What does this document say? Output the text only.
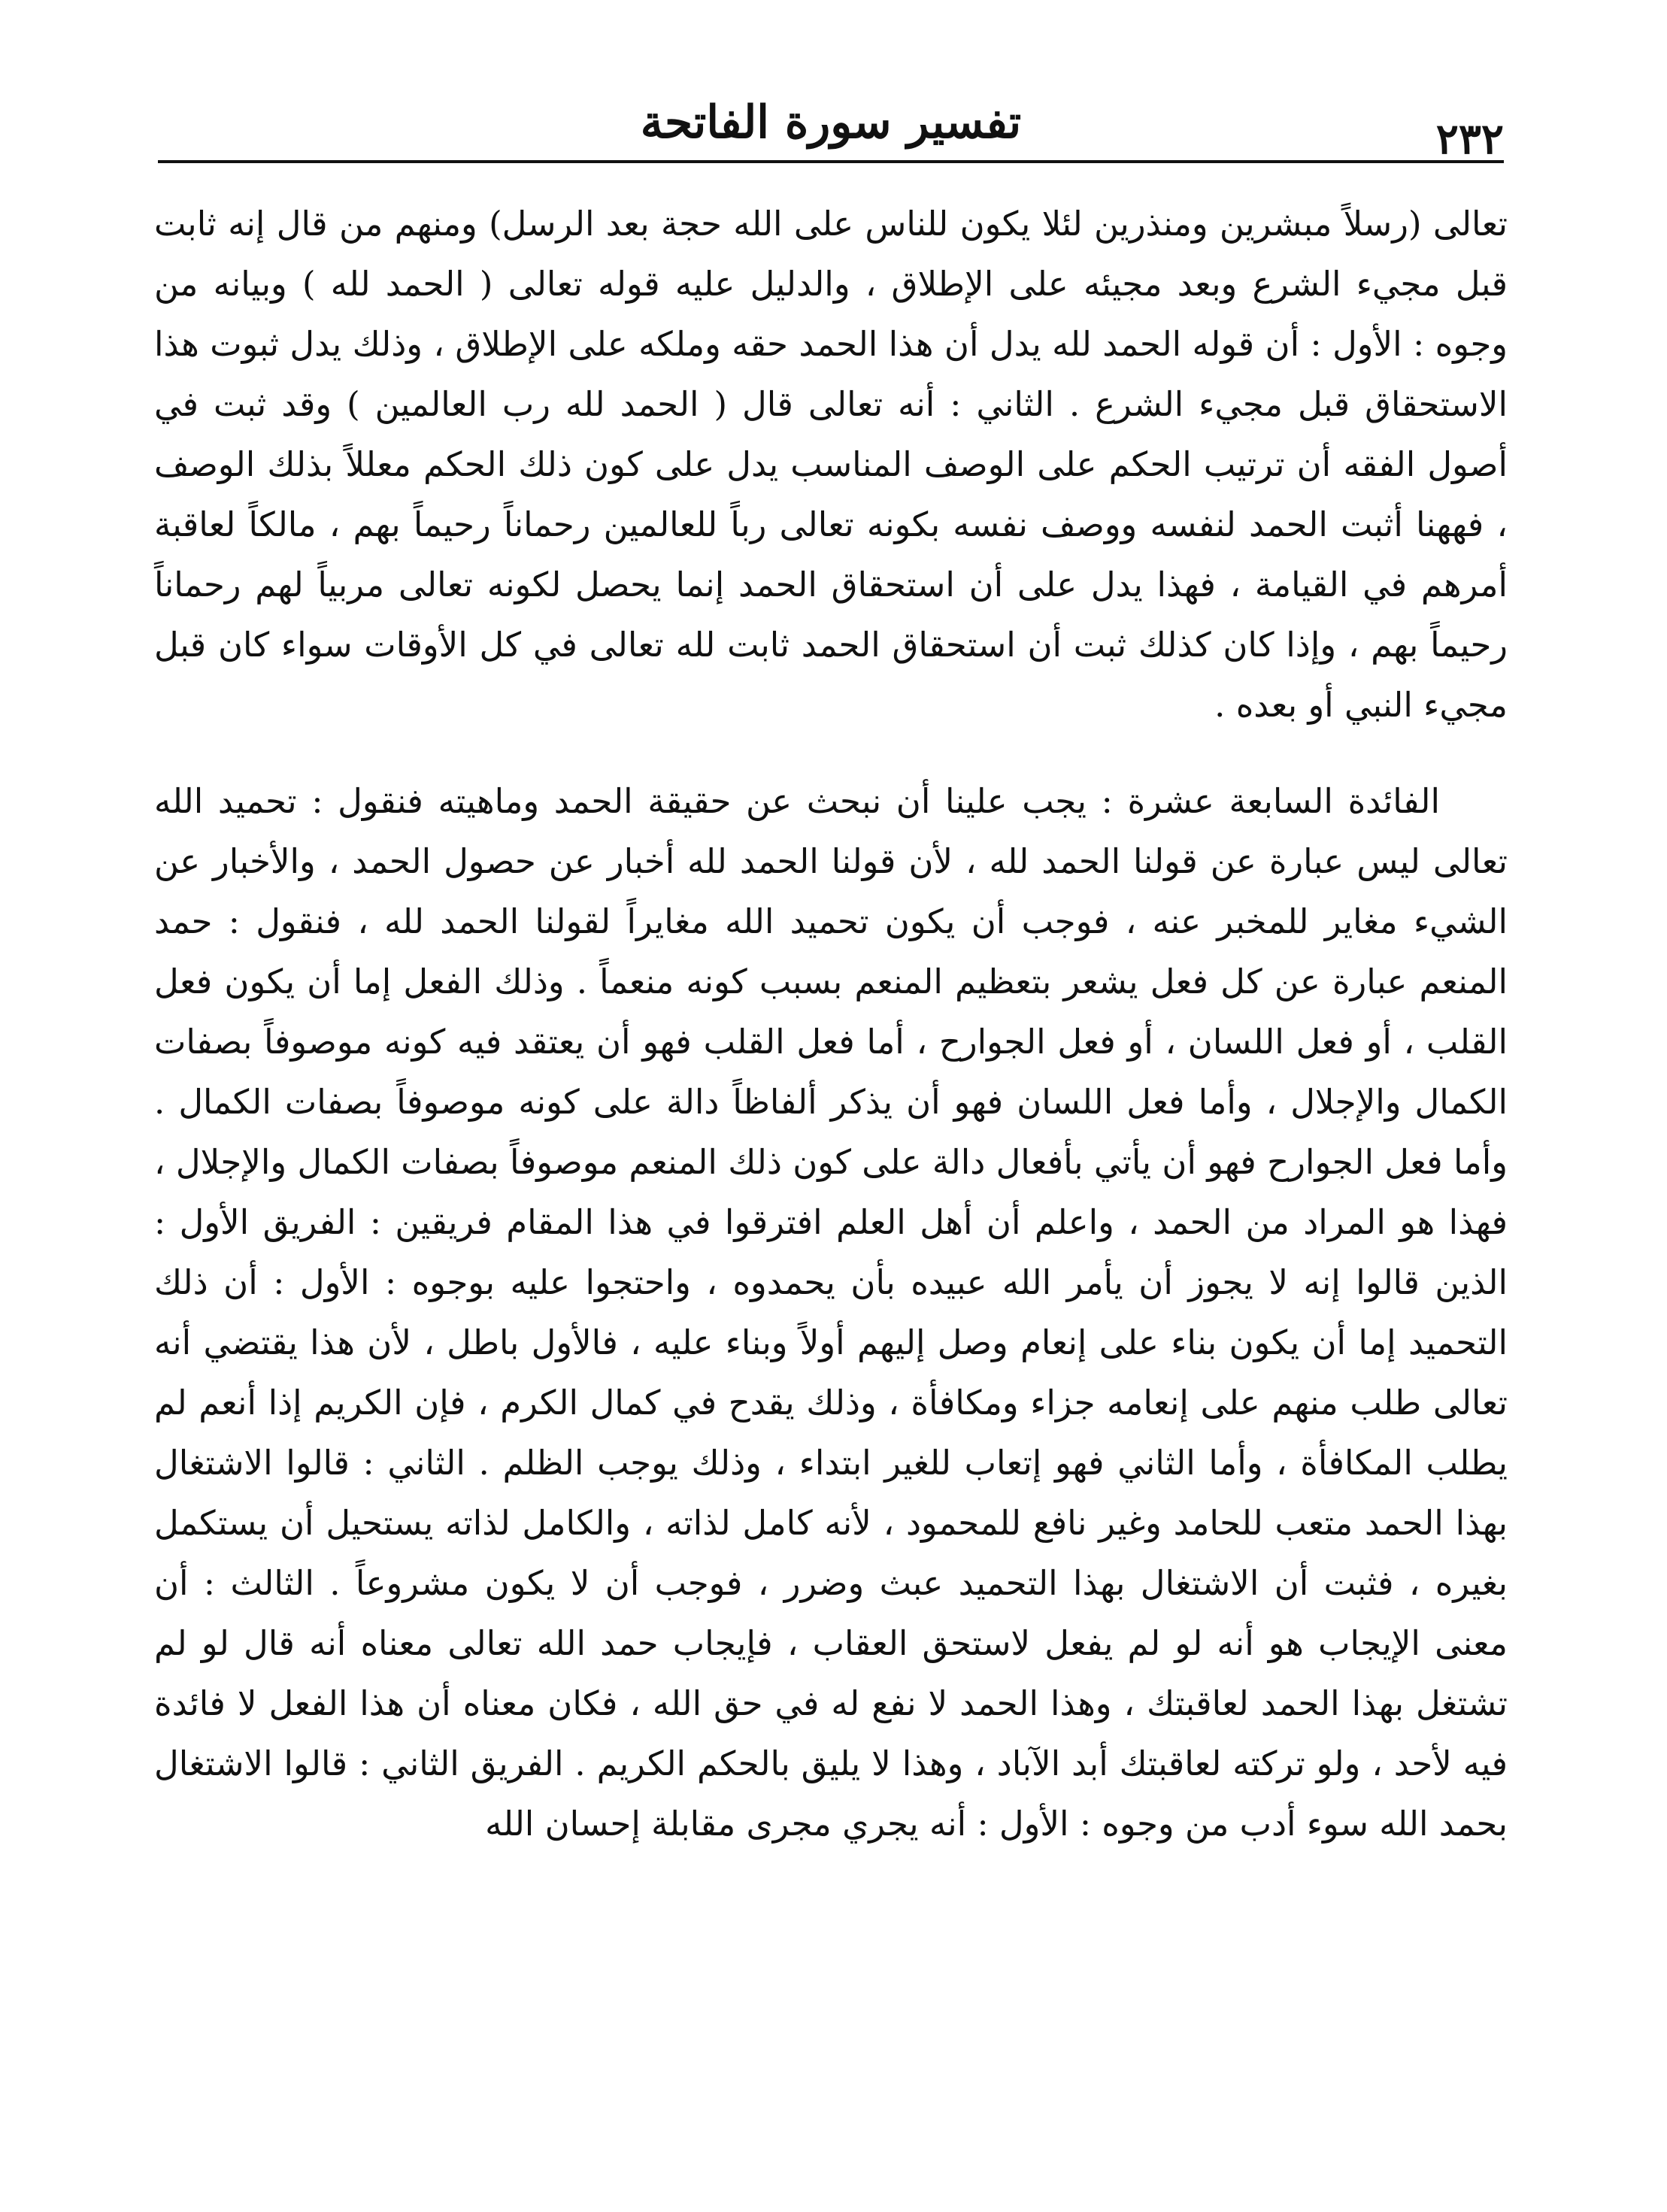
٢٣٢
تفسير سورة الفاتحة

تعالى (رسلاً مبشرين ومنذرين لئلا يكون للناس على الله حجة بعد الرسل) ومنهم من قال إنه ثابت قبل مجيء الشرع وبعد مجيئه على الإطلاق ، والدليل عليه قوله تعالى ( الحمد لله ) وبيانه من وجوه : الأول : أن قوله الحمد لله يدل أن هذا الحمد حقه وملكه على الإطلاق ، وذلك يدل ثبوت هذا الاستحقاق قبل مجيء الشرع . الثاني : أنه تعالى قال ( الحمد لله رب العالمين ) وقد ثبت في أصول الفقه أن ترتيب الحكم على الوصف المناسب يدل على كون ذلك الحكم معللاً بذلك الوصف ، فههنا أثبت الحمد لنفسه ووصف نفسه بكونه تعالى رباً للعالمين رحماناً رحيماً بهم ، مالكاً لعاقبة أمرهم في القيامة ، فهذا يدل على أن استحقاق الحمد إنما يحصل لكونه تعالى مربياً لهم رحماناً رحيماً بهم ، وإذا كان كذلك ثبت أن استحقاق الحمد ثابت لله تعالى في كل الأوقات سواء كان قبل مجيء النبي أو بعده .

الفائدة السابعة عشرة : يجب علينا أن نبحث عن حقيقة الحمد وماهيته فنقول : تحميد الله تعالى ليس عبارة عن قولنا الحمد لله ، لأن قولنا الحمد لله أخبار عن حصول الحمد ، والأخبار عن الشيء مغاير للمخبر عنه ، فوجب أن يكون تحميد الله مغايراً لقولنا الحمد لله ، فنقول : حمد المنعم عبارة عن كل فعل يشعر بتعظيم المنعم بسبب كونه منعماً . وذلك الفعل إما أن يكون فعل القلب ، أو فعل اللسان ، أو فعل الجوارح ، أما فعل القلب فهو أن يعتقد فيه كونه موصوفاً بصفات الكمال والإجلال ، وأما فعل اللسان فهو أن يذكر ألفاظاً دالة على كونه موصوفاً بصفات الكمال . وأما فعل الجوارح فهو أن يأتي بأفعال دالة على كون ذلك المنعم موصوفاً بصفات الكمال والإجلال ، فهذا هو المراد من الحمد ، واعلم أن أهل العلم افترقوا في هذا المقام فريقين : الفريق الأول : الذين قالوا إنه لا يجوز أن يأمر الله عبيده بأن يحمدوه ، واحتجوا عليه بوجوه : الأول : أن ذلك التحميد إما أن يكون بناء على إنعام وصل إليهم أولاً وبناء عليه ، فالأول باطل ، لأن هذا يقتضي أنه تعالى طلب منهم على إنعامه جزاء ومكافأة ، وذلك يقدح في كمال الكرم ، فإن الكريم إذا أنعم لم يطلب المكافأة ، وأما الثاني فهو إتعاب للغير ابتداء ، وذلك يوجب الظلم . الثاني : قالوا الاشتغال بهذا الحمد متعب للحامد وغير نافع للمحمود ، لأنه كامل لذاته ، والكامل لذاته يستحيل أن يستكمل بغيره ، فثبت أن الاشتغال بهذا التحميد عبث وضرر ، فوجب أن لا يكون مشروعاً . الثالث : أن معنى الإيجاب هو أنه لو لم يفعل لاستحق العقاب ، فإيجاب حمد الله تعالى معناه أنه قال لو لم تشتغل بهذا الحمد لعاقبتك ، وهذا الحمد لا نفع له في حق الله ، فكان معناه أن هذا الفعل لا فائدة فيه لأحد ، ولو تركته لعاقبتك أبد الآباد ، وهذا لا يليق بالحكم الكريم . الفريق الثاني : قالوا الاشتغال بحمد الله سوء أدب من وجوه : الأول : أنه يجري مجرى مقابلة إحسان الله
